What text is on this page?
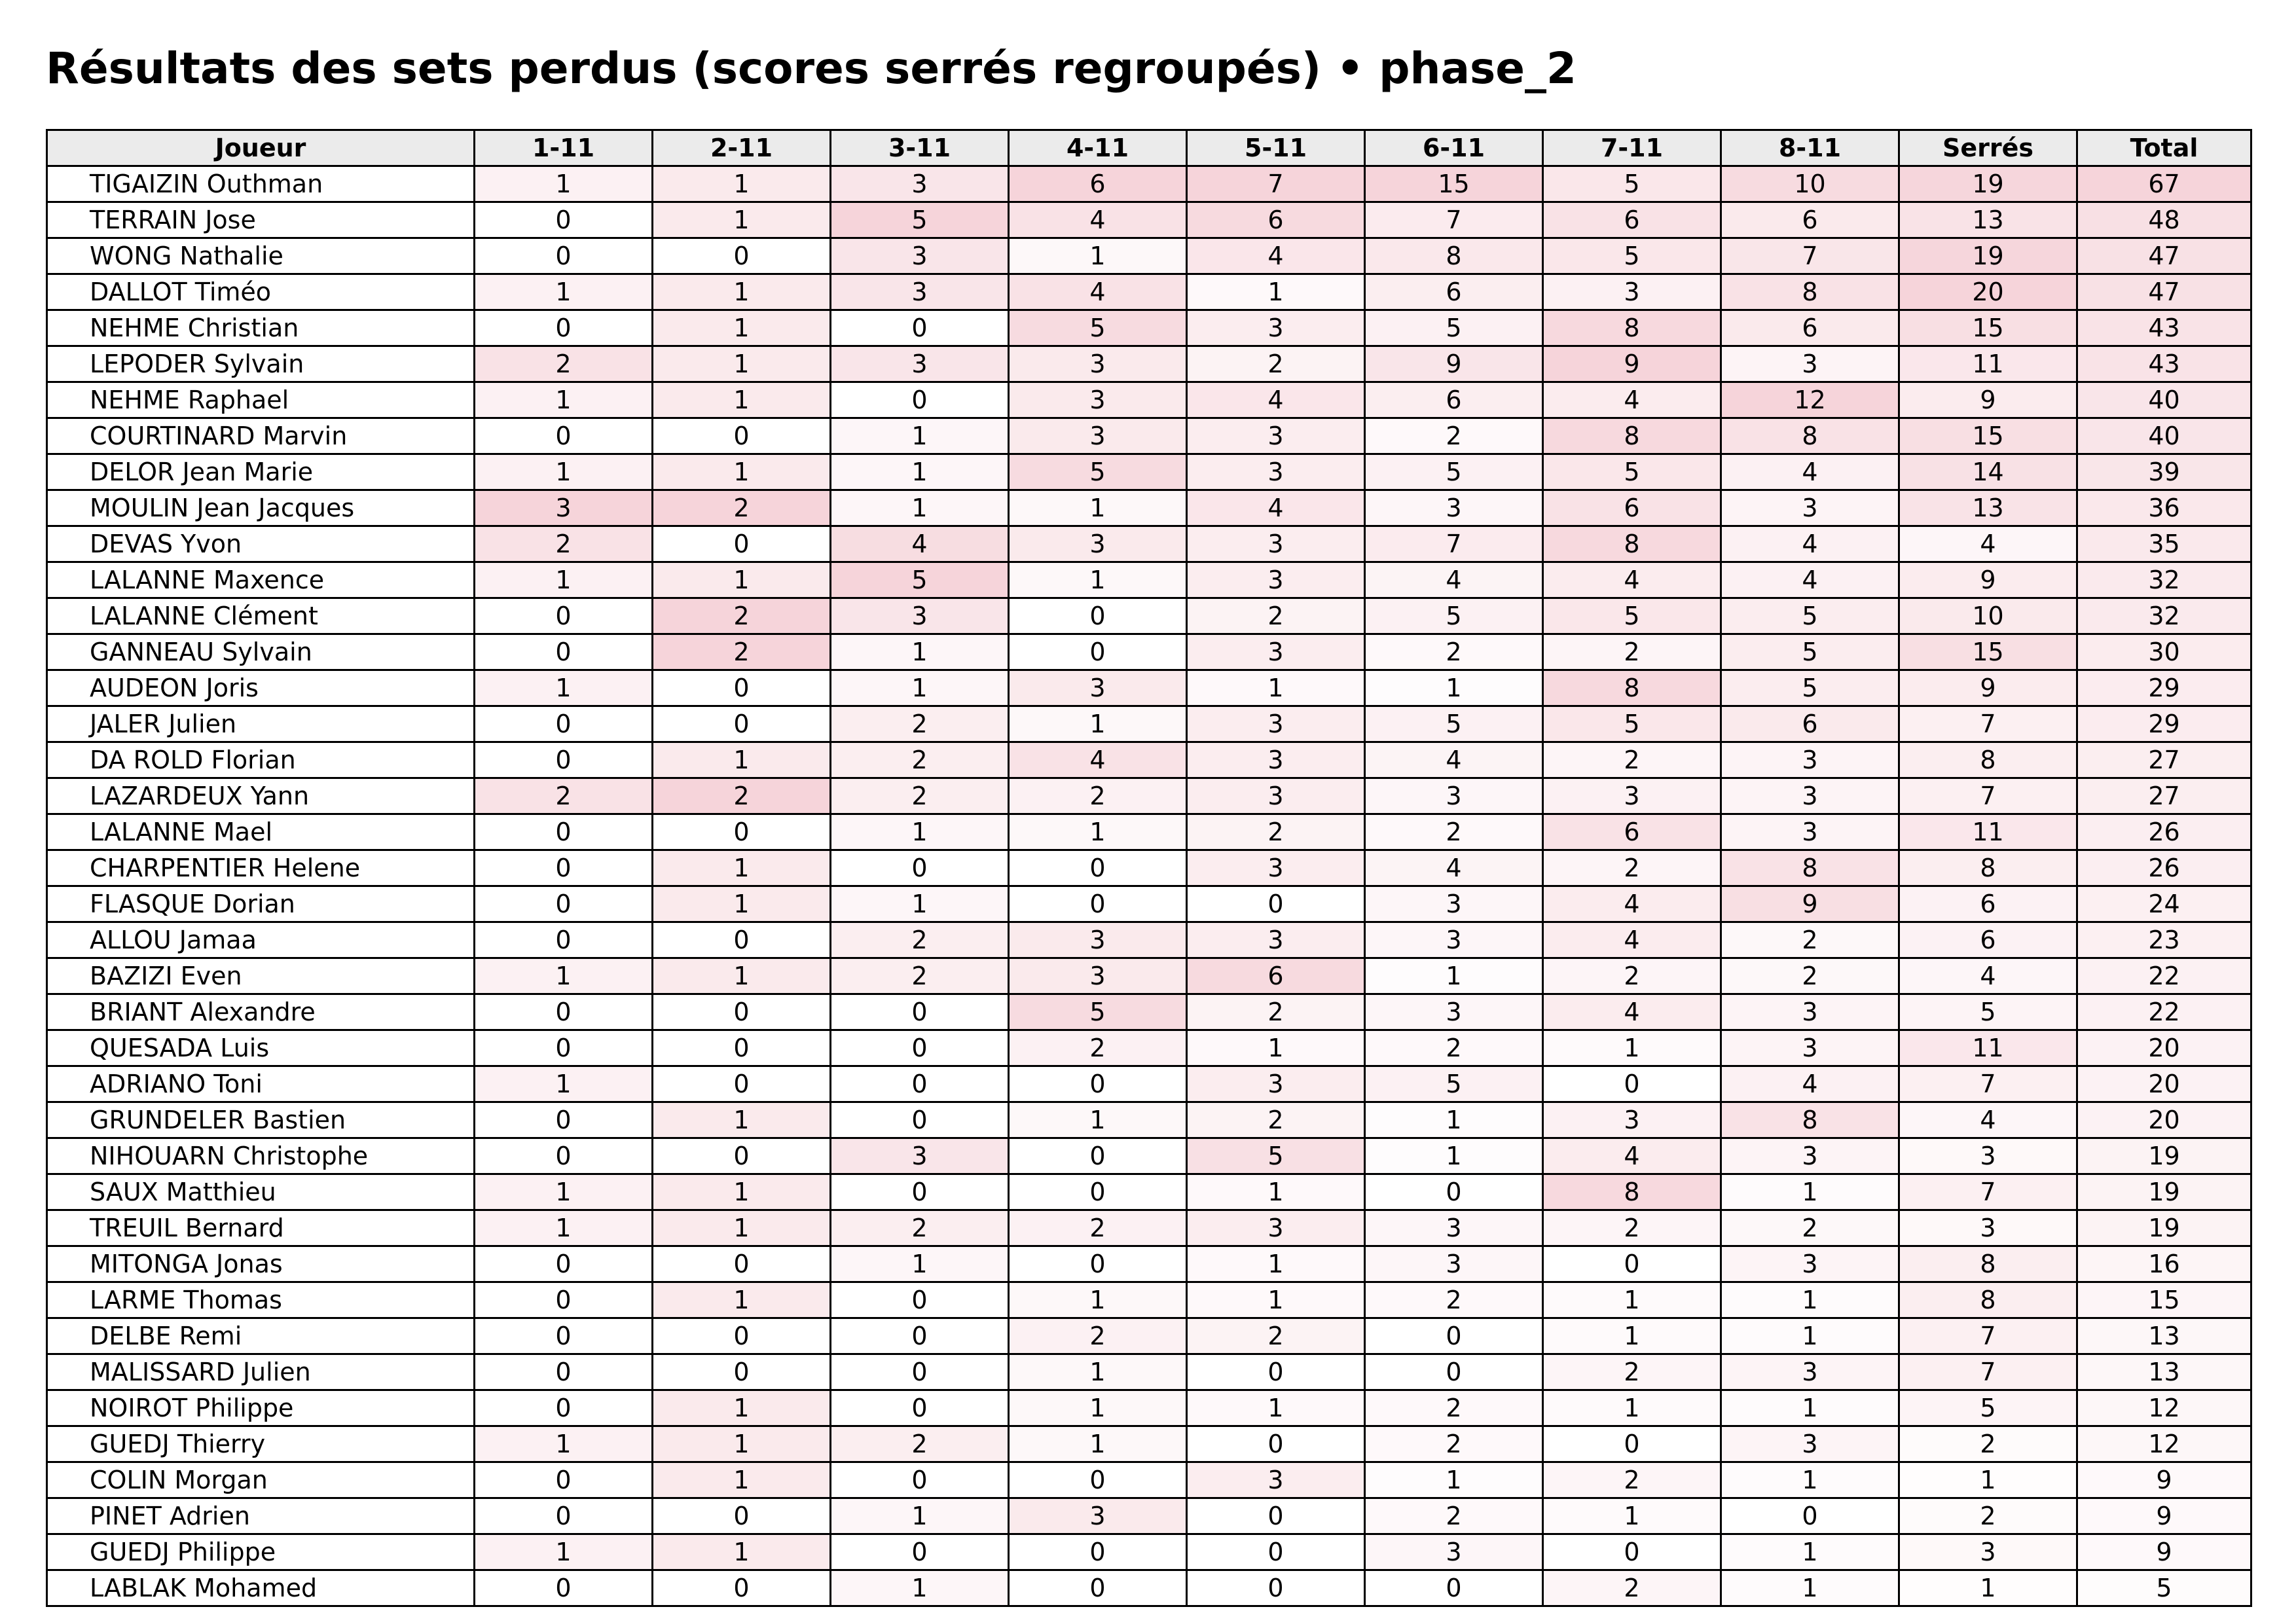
Résultats des sets perdus (scores serrés regroupés) • phase_2
Joueur	1-11	2-11	3-11	4-11	5-11	6-11	7-11	8-11	Serrés	Total
TIGAIZIN Outhman	1	1	3	6	7	15	5	10	19	67
TERRAIN Jose	0	1	5	4	6	7	6	6	13	48
WONG Nathalie	0	0	3	1	4	8	5	7	19	47
DALLOT Timéo	1	1	3	4	1	6	3	8	20	47
NEHME Christian	0	1	0	5	3	5	8	6	15	43
LEPODER Sylvain	2	1	3	3	2	9	9	3	11	43
NEHME Raphael	1	1	0	3	4	6	4	12	9	40
COURTINARD Marvin	0	0	1	3	3	2	8	8	15	40
DELOR Jean Marie	1	1	1	5	3	5	5	4	14	39
MOULIN Jean Jacques	3	2	1	1	4	3	6	3	13	36
DEVAS Yvon	2	0	4	3	3	7	8	4	4	35
LALANNE Maxence	1	1	5	1	3	4	4	4	9	32
LALANNE Clément	0	2	3	0	2	5	5	5	10	32
GANNEAU Sylvain	0	2	1	0	3	2	2	5	15	30
AUDEON Joris	1	0	1	3	1	1	8	5	9	29
JALER Julien	0	0	2	1	3	5	5	6	7	29
DA ROLD Florian	0	1	2	4	3	4	2	3	8	27
LAZARDEUX Yann	2	2	2	2	3	3	3	3	7	27
LALANNE Mael	0	0	1	1	2	2	6	3	11	26
CHARPENTIER Helene	0	1	0	0	3	4	2	8	8	26
FLASQUE Dorian	0	1	1	0	0	3	4	9	6	24
ALLOU Jamaa	0	0	2	3	3	3	4	2	6	23
BAZIZI Even	1	1	2	3	6	1	2	2	4	22
BRIANT Alexandre	0	0	0	5	2	3	4	3	5	22
QUESADA Luis	0	0	0	2	1	2	1	3	11	20
ADRIANO Toni	1	0	0	0	3	5	0	4	7	20
GRUNDELER Bastien	0	1	0	1	2	1	3	8	4	20
NIHOUARN Christophe	0	0	3	0	5	1	4	3	3	19
SAUX Matthieu	1	1	0	0	1	0	8	1	7	19
TREUIL Bernard	1	1	2	2	3	3	2	2	3	19
MITONGA Jonas	0	0	1	0	1	3	0	3	8	16
LARME Thomas	0	1	0	1	1	2	1	1	8	15
DELBE Remi	0	0	0	2	2	0	1	1	7	13
MALISSARD Julien	0	0	0	1	0	0	2	3	7	13
NOIROT Philippe	0	1	0	1	1	2	1	1	5	12
GUEDJ Thierry	1	1	2	1	0	2	0	3	2	12
COLIN Morgan	0	1	0	0	3	1	2	1	1	9
PINET Adrien	0	0	1	3	0	2	1	0	2	9
GUEDJ Philippe	1	1	0	0	0	3	0	1	3	9
LABLAK Mohamed	0	0	1	0	0	0	2	1	1	5
